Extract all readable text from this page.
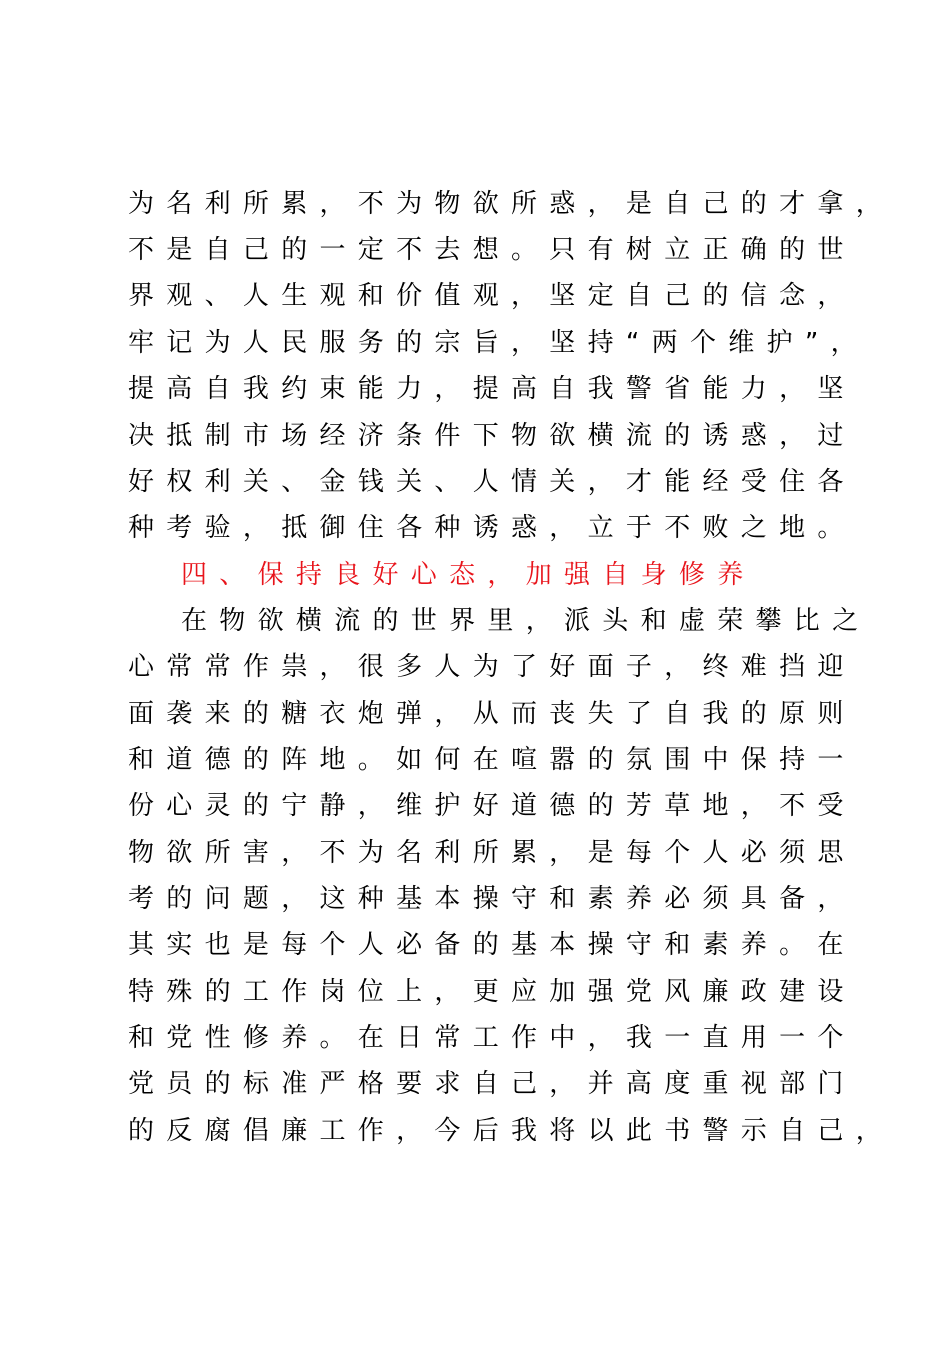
为名利所累，不为物欲所惑，是自己的才拿，
不是自己的一定不去想。只有树立正确的世
界观、人生观和价值观，坚定自己的信念，
牢记为人民服务的宗旨，坚持“两个维护”，
提高自我约束能力，提高自我警省能力，坚
决抵制市场经济条件下物欲横流的诱惑，过
好权利关、金钱关、人情关，才能经受住各
种考验，抵御住各种诱惑，立于不败之地。
四、保持良好心态，加强自身修养
在物欲横流的世界里，派头和虚荣攀比之
心常常作祟，很多人为了好面子，终难挡迎
面袭来的糖衣炮弹，从而丧失了自我的原则
和道德的阵地。如何在喧嚣的氛围中保持一
份心灵的宁静，维护好道德的芳草地，不受
物欲所害，不为名利所累，是每个人必须思
考的问题，这种基本操守和素养必须具备，
其实也是每个人必备的基本操守和素养。在
特殊的工作岗位上，更应加强党风廉政建设
和党性修养。在日常工作中，我一直用一个
党员的标准严格要求自己，并高度重视部门
的反腐倡廉工作，今后我将以此书警示自己，
